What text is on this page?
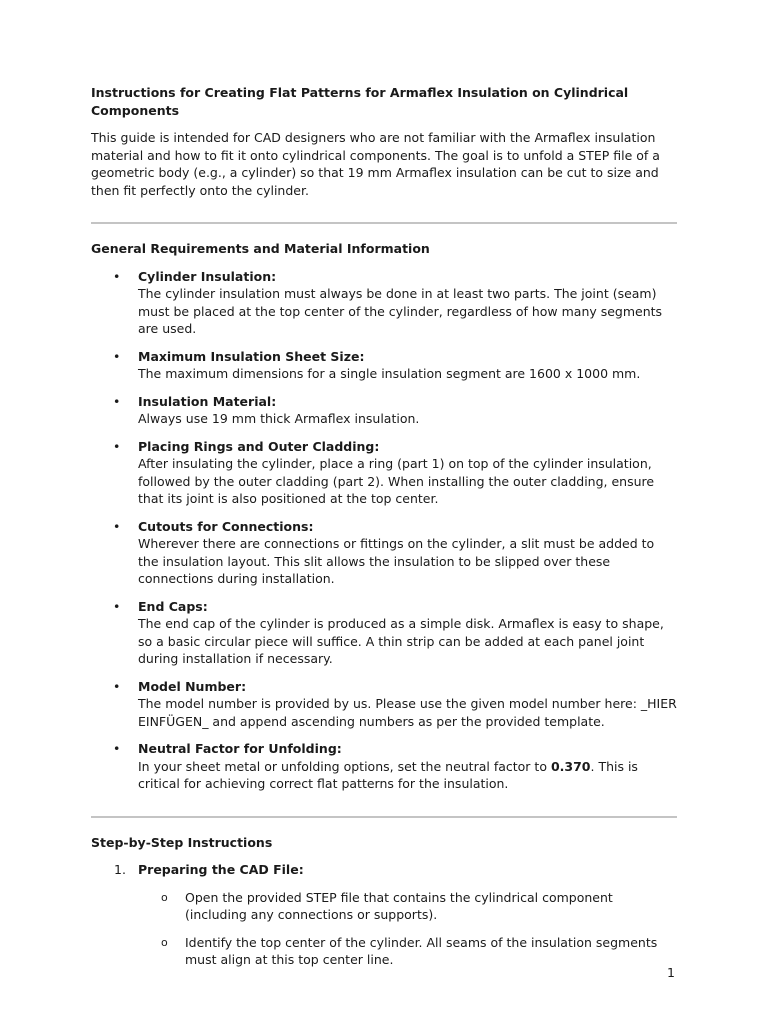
Instructions for Creating Flat Patterns for Armaflex Insulation on Cylindrical Components

This guide is intended for CAD designers who are not familiar with the Armaflex insulation material and how to fit it onto cylindrical components. The goal is to unfold a STEP file of a geometric body (e.g., a cylinder) so that 19 mm Armaflex insulation can be cut to size and then fit perfectly onto the cylinder.

General Requirements and Material Information

• Cylinder Insulation:
The cylinder insulation must always be done in at least two parts. The joint (seam) must be placed at the top center of the cylinder, regardless of how many segments are used.
• Maximum Insulation Sheet Size:
The maximum dimensions for a single insulation segment are 1600 x 1000 mm.
• Insulation Material:
Always use 19 mm thick Armaflex insulation.
• Placing Rings and Outer Cladding:
After insulating the cylinder, place a ring (part 1) on top of the cylinder insulation, followed by the outer cladding (part 2). When installing the outer cladding, ensure that its joint is also positioned at the top center.
• Cutouts for Connections:
Wherever there are connections or fittings on the cylinder, a slit must be added to the insulation layout. This slit allows the insulation to be slipped over these connections during installation.
• End Caps:
The end cap of the cylinder is produced as a simple disk. Armaflex is easy to shape, so a basic circular piece will suffice. A thin strip can be added at each panel joint during installation if necessary.
• Model Number:
The model number is provided by us. Please use the given model number here: _HIER EINFÜGEN_ and append ascending numbers as per the provided template.
• Neutral Factor for Unfolding:
In your sheet metal or unfolding options, set the neutral factor to 0.370. This is critical for achieving correct flat patterns for the insulation.

Step-by-Step Instructions

1. Preparing the CAD File:
o Open the provided STEP file that contains the cylindrical component (including any connections or supports).
o Identify the top center of the cylinder. All seams of the insulation segments must align at this top center line.
1
